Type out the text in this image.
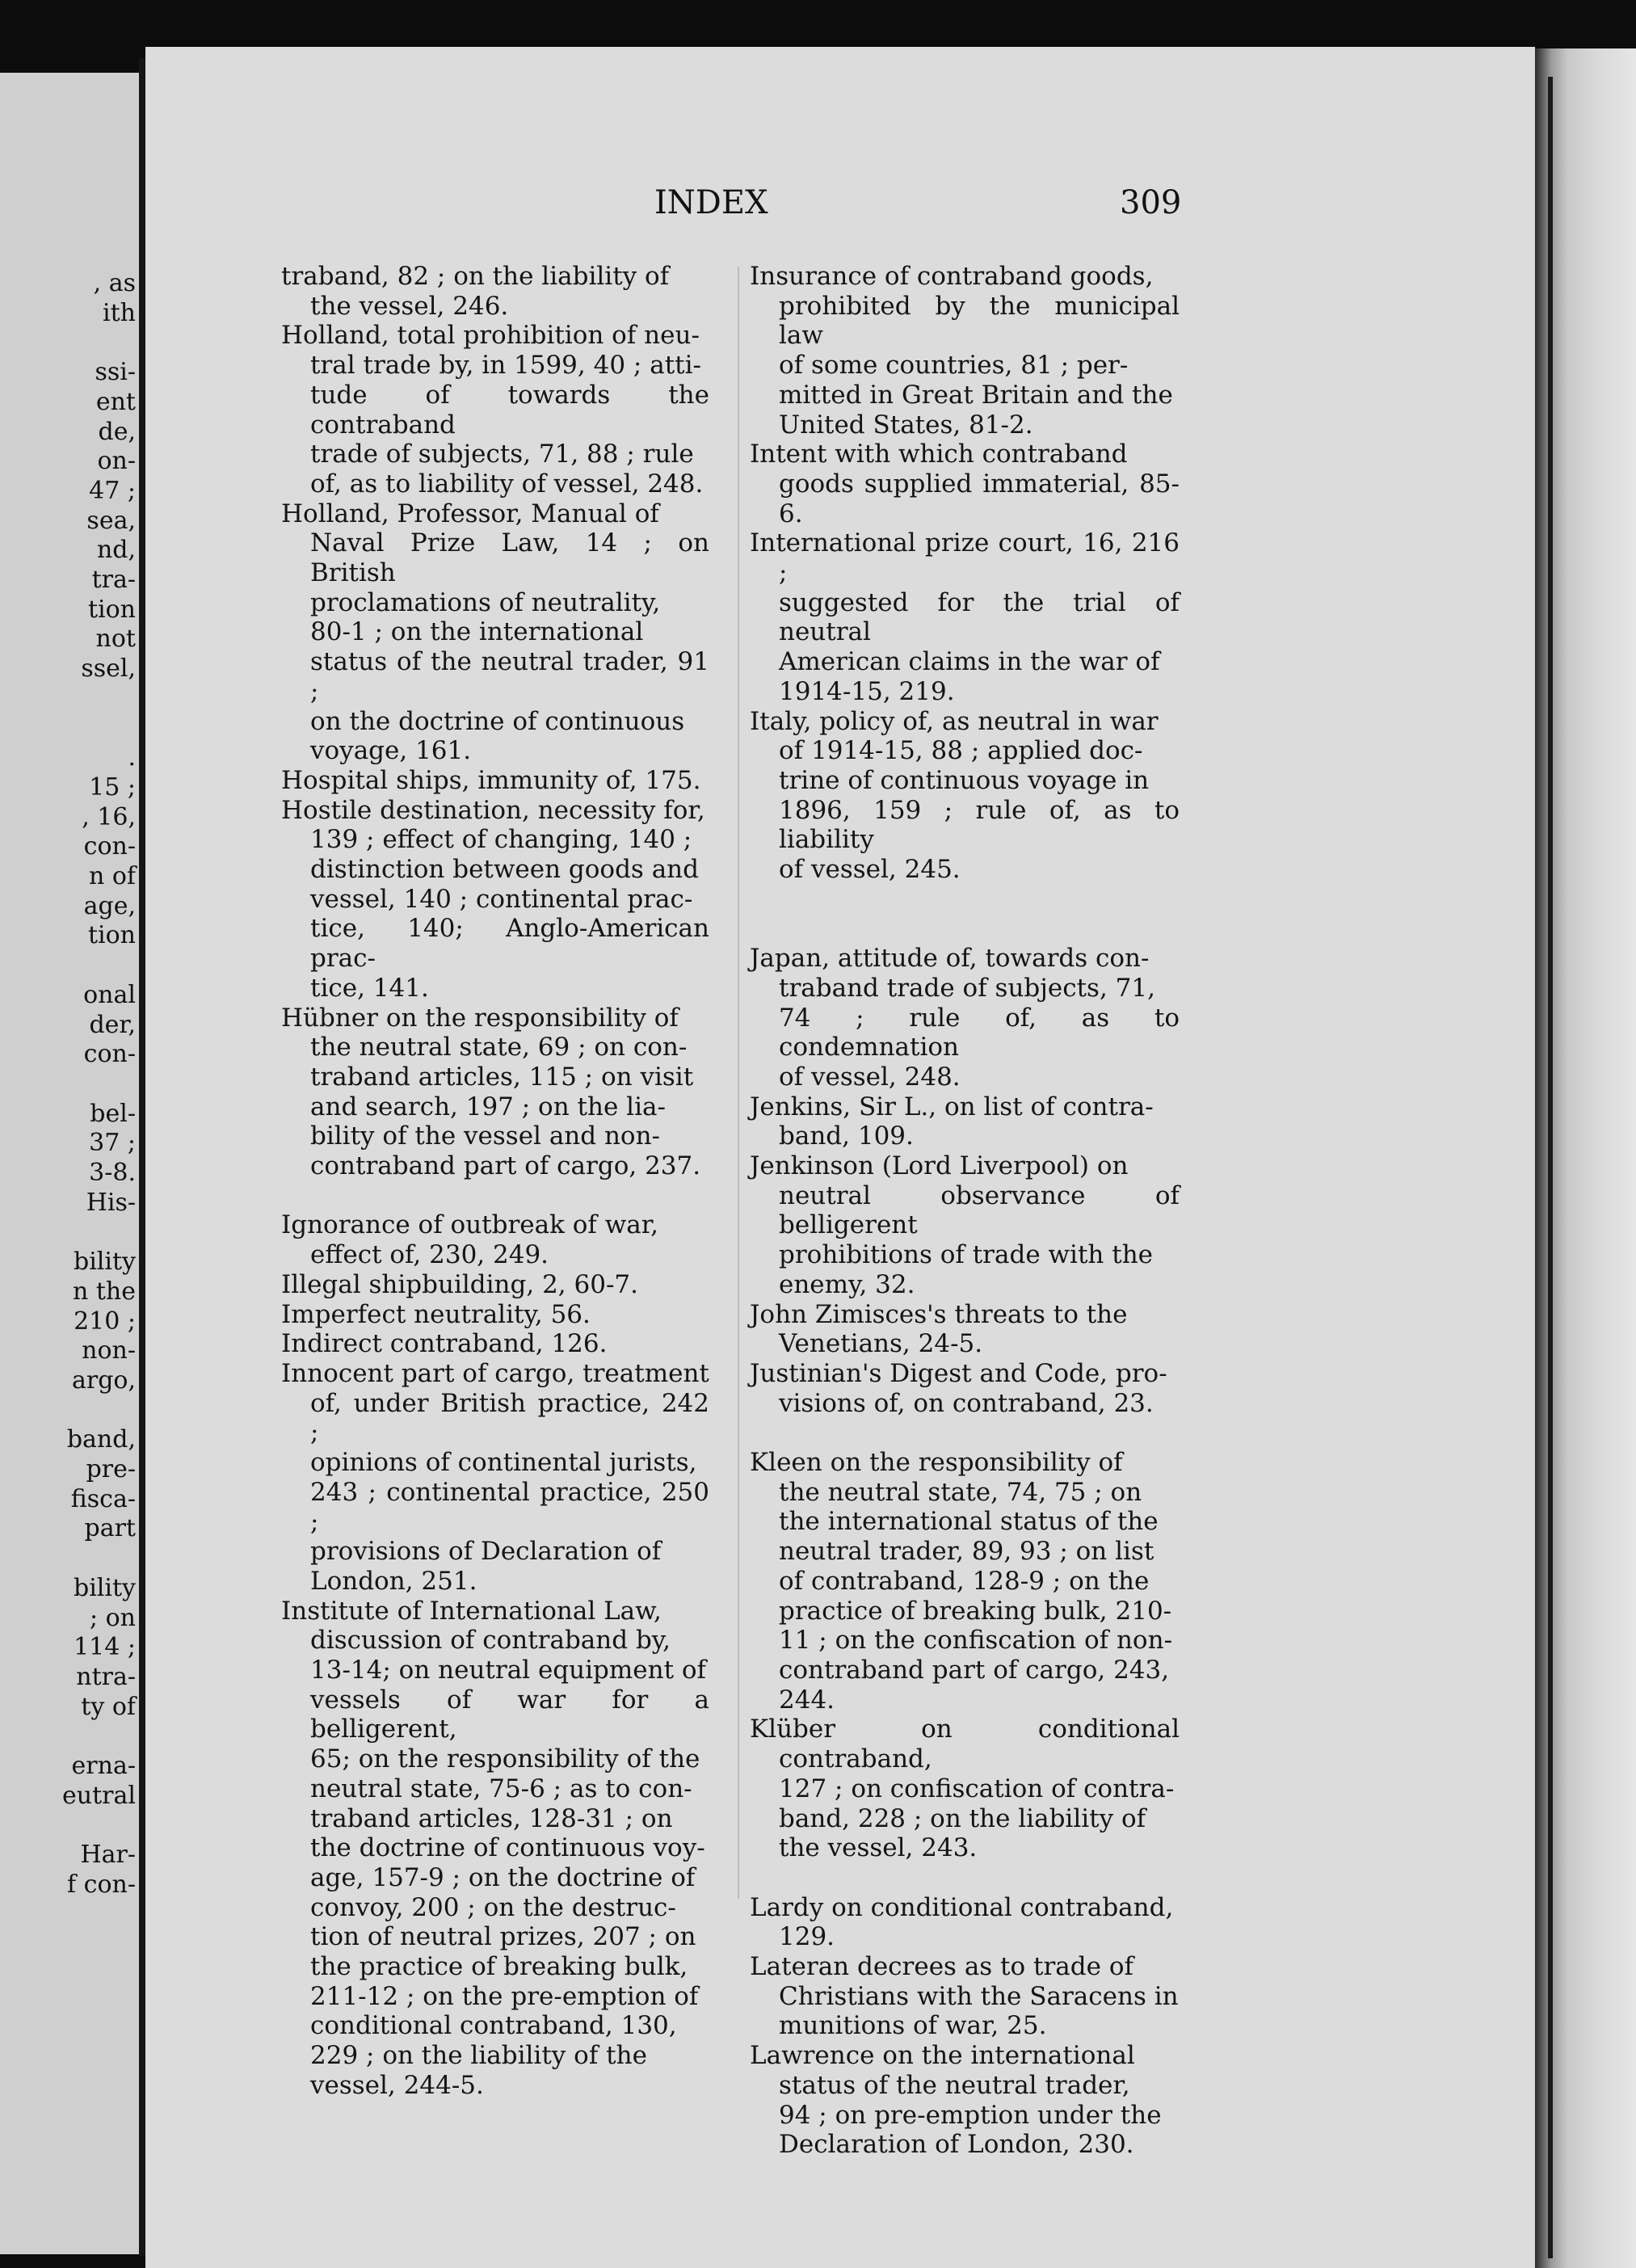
INDEX	309
, as
ith
ssi-
ent
de,
on-
47 ;
sea,
nd,
tra-
tion
not
ssel,
.
15 ;
, 16,
con-
n of
age,
tion
onal
der,
con-
bel-
37 ;
3-8.
His-
bility
n the
210 ;
non-
argo,
band,
pre-
fisca-
part
bility
; on
114 ;
ntra-
ty of
erna-
eutral
Har-
f con-

traband, 82 ; on the liability of
the vessel, 246.

Holland, total prohibition of neu-
tral trade by, in 1599, 40 ; atti-
tude of towards the contraband
trade of subjects, 71, 88 ; rule
of, as to liability of vessel, 248.

Holland, Professor, Manual of
Naval Prize Law, 14 ; on British
proclamations of neutrality,
80-1 ; on the international
status of the neutral trader, 91 ;
on the doctrine of continuous
voyage, 161.

Hospital ships, immunity of, 175.

Hostile destination, necessity for,
139 ; effect of changing, 140 ;
distinction between goods and
vessel, 140 ; continental prac-
tice, 140; Anglo-American prac-
tice, 141.

Hübner on the responsibility of
the neutral state, 69 ; on con-
traband articles, 115 ; on visit
and search, 197 ; on the lia-
bility of the vessel and non-
contraband part of cargo, 237.

Ignorance of outbreak of war,
effect of, 230, 249.

Illegal shipbuilding, 2, 60-7.

Imperfect neutrality, 56.

Indirect contraband, 126.

Innocent part of cargo, treatment
of, under British practice, 242 ;
opinions of continental jurists,
243 ; continental practice, 250 ;
provisions of Declaration of
London, 251.

Institute of International Law,
discussion of contraband by,
13-14; on neutral equipment of
vessels of war for a belligerent,
65; on the responsibility of the
neutral state, 75-6 ; as to con-
traband articles, 128-31 ; on
the doctrine of continuous voy-
age, 157-9 ; on the doctrine of
convoy, 200 ; on the destruc-
tion of neutral prizes, 207 ; on
the practice of breaking bulk,
211-12 ; on the pre-emption of
conditional contraband, 130,
229 ; on the liability of the
vessel, 244-5.

Insurance of contraband goods,
prohibited by the municipal law
of some countries, 81 ; per-
mitted in Great Britain and the
United States, 81-2.

Intent with which contraband
goods supplied immaterial, 85-6.

International prize court, 16, 216 ;
suggested for the trial of neutral
American claims in the war of
1914-15, 219.

Italy, policy of, as neutral in war
of 1914-15, 88 ; applied doc-
trine of continuous voyage in
1896, 159 ; rule of, as to liability
of vessel, 245.

Japan, attitude of, towards con-
traband trade of subjects, 71,
74 ; rule of, as to condemnation
of vessel, 248.

Jenkins, Sir L., on list of contra-
band, 109.

Jenkinson (Lord Liverpool) on
neutral observance of belligerent
prohibitions of trade with the
enemy, 32.

John Zimisces's threats to the
Venetians, 24-5.

Justinian's Digest and Code, pro-
visions of, on contraband, 23.

Kleen on the responsibility of
the neutral state, 74, 75 ; on
the international status of the
neutral trader, 89, 93 ; on list
of contraband, 128-9 ; on the
practice of breaking bulk, 210-
11 ; on the confiscation of non-
contraband part of cargo, 243,
244.

Klüber on conditional contraband,
127 ; on confiscation of contra-
band, 228 ; on the liability of
the vessel, 243.

Lardy on conditional contraband,
129.

Lateran decrees as to trade of
Christians with the Saracens in
munitions of war, 25.

Lawrence on the international
status of the neutral trader,
94 ; on pre-emption under the
Declaration of London, 230.
